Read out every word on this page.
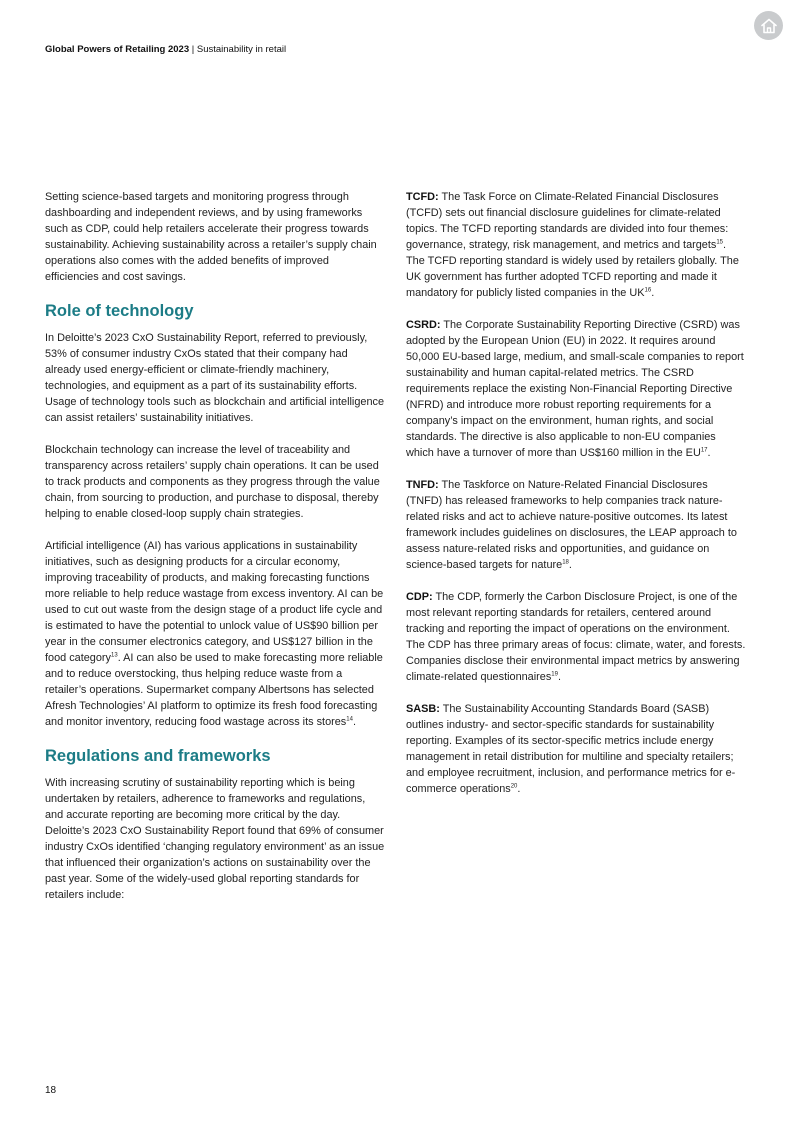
Global Powers of Retailing 2023 | Sustainability in retail

Setting science-based targets and monitoring progress through dashboarding and independent reviews, and by using frameworks such as CDP, could help retailers accelerate their progress towards sustainability. Achieving sustainability across a retailer’s supply chain operations also comes with the added benefits of improved efficiencies and cost savings.

Role of technology

In Deloitte’s 2023 CxO Sustainability Report, referred to previously, 53% of consumer industry CxOs stated that their company had already used energy-efficient or climate-friendly machinery, technologies, and equipment as a part of its sustainability efforts. Usage of technology tools such as blockchain and artificial intelligence can assist retailers’ sustainability initiatives.

Blockchain technology can increase the level of traceability and transparency across retailers’ supply chain operations. It can be used to track products and components as they progress through the value chain, from sourcing to production, and purchase to disposal, thereby helping to enable closed-loop supply chain strategies.

Artificial intelligence (AI) has various applications in sustainability initiatives, such as designing products for a circular economy, improving traceability of products, and making forecasting functions more reliable to help reduce wastage from excess inventory. AI can be used to cut out waste from the design stage of a product life cycle and is estimated to have the potential to unlock value of US$90 billion per year in the consumer electronics category, and US$127 billion in the food category$^{13}$. AI can also be used to make forecasting more reliable and to reduce overstocking, thus helping reduce waste from a retailer’s operations. Supermarket company Albertsons has selected Afresh Technologies’ AI platform to optimize its fresh food forecasting and monitor inventory, reducing food wastage across its stores$^{14}$.

Regulations and frameworks

With increasing scrutiny of sustainability reporting which is being undertaken by retailers, adherence to frameworks and regulations, and accurate reporting are becoming more critical by the day. Deloitte’s 2023 CxO Sustainability Report found that 69% of consumer industry CxOs identified ‘changing regulatory environment’ as an issue that influenced their organization’s actions on sustainability over the past year. Some of the widely-used global reporting standards for retailers include:

TCFD: The Task Force on Climate-Related Financial Disclosures (TCFD) sets out financial disclosure guidelines for climate-related topics. The TCFD reporting standards are divided into four themes: governance, strategy, risk management, and metrics and targets$^{15}$. The TCFD reporting standard is widely used by retailers globally. The UK government has further adopted TCFD reporting and made it mandatory for publicly listed companies in the UK$^{16}$.

CSRD: The Corporate Sustainability Reporting Directive (CSRD) was adopted by the European Union (EU) in 2022. It requires around 50,000 EU-based large, medium, and small-scale companies to report sustainability and human capital-related metrics. The CSRD requirements replace the existing Non-Financial Reporting Directive (NFRD) and introduce more robust reporting requirements for a company’s impact on the environment, human rights, and social standards. The directive is also applicable to non-EU companies which have a turnover of more than US$160 million in the EU$^{17}$.

TNFD: The Taskforce on Nature-Related Financial Disclosures (TNFD) has released frameworks to help companies track nature-related risks and act to achieve nature-positive outcomes. Its latest framework includes guidelines on disclosures, the LEAP approach to assess nature-related risks and opportunities, and guidance on science-based targets for nature$^{18}$.

CDP: The CDP, formerly the Carbon Disclosure Project, is one of the most relevant reporting standards for retailers, centered around tracking and reporting the impact of operations on the environment. The CDP has three primary areas of focus: climate, water, and forests. Companies disclose their environmental impact metrics by answering climate-related questionnaires$^{19}$.

SASB: The Sustainability Accounting Standards Board (SASB) outlines industry- and sector-specific standards for sustainability reporting. Examples of its sector-specific metrics include energy management in retail distribution for multiline and specialty retailers; and employee recruitment, inclusion, and performance metrics for e-commerce operations$^{20}$.

18
